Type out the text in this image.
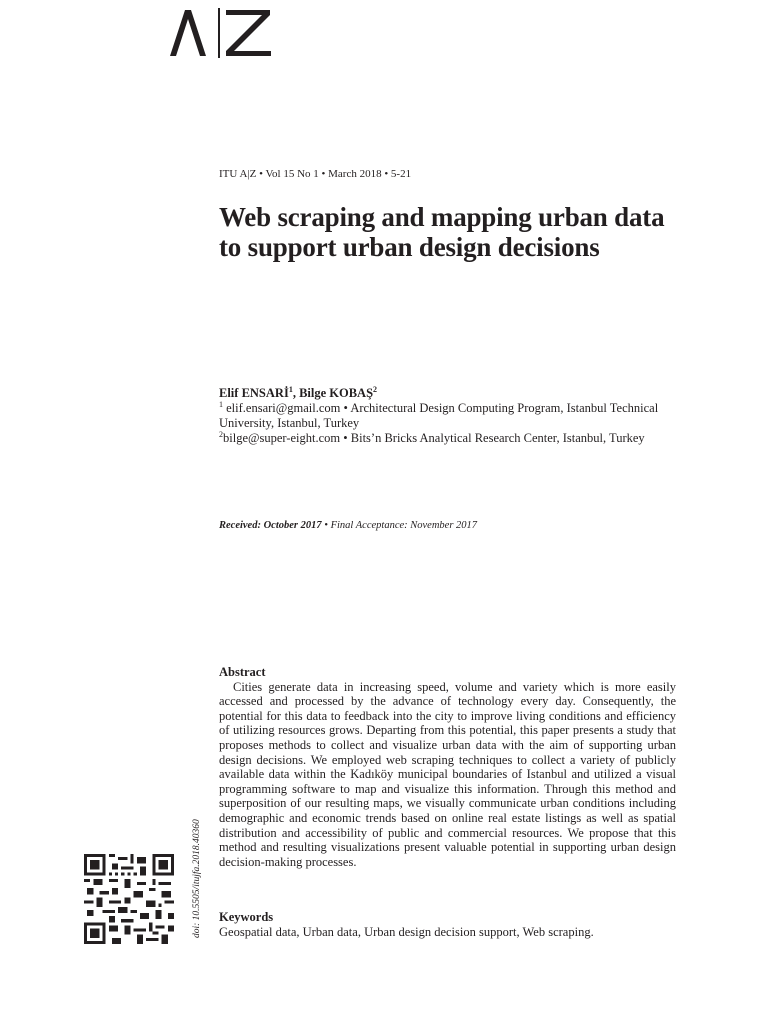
ITU A|Z • Vol 15 No 1 • March 2018 • 5-21
Web scraping and mapping urban data to support urban design decisions
Elif ENSARİ$^1$, Bilge KOBAŞ$^2$
$^1$ elif.ensari@gmail.com • Architectural Design Computing Program, Istanbul Technical University, Istanbul, Turkey
$^2$bilge@super-eight.com • Bits’n Bricks Analytical Research Center, Istanbul, Turkey
Received: October 2017 • Final Acceptance: November 2017
Abstract

Cities generate data in increasing speed, volume and variety which is more easily accessed and processed by the advance of technology every day. Consequently, the potential for this data to feedback into the city to improve living conditions and efficiency of utilizing resources grows. Departing from this potential, this paper presents a study that proposes methods to collect and visualize urban data with the aim of supporting urban design decisions. We employed web scraping techniques to collect a variety of publicly available data within the Kadıköy municipal boundaries of Istanbul and utilized a visual programming software to map and visualize this information. Through this method and superposition of our resulting maps, we visually communicate urban conditions including demographic and economic trends based on online real estate listings as well as spatial distribution and accessibility of public and commercial resources. We propose that this method and resulting visualizations present valuable potential in supporting urban design decision-making processes.

Keywords
Geospatial data, Urban data, Urban design decision support, Web scraping.
doi: 10.5505/itujfa.2018.40360
